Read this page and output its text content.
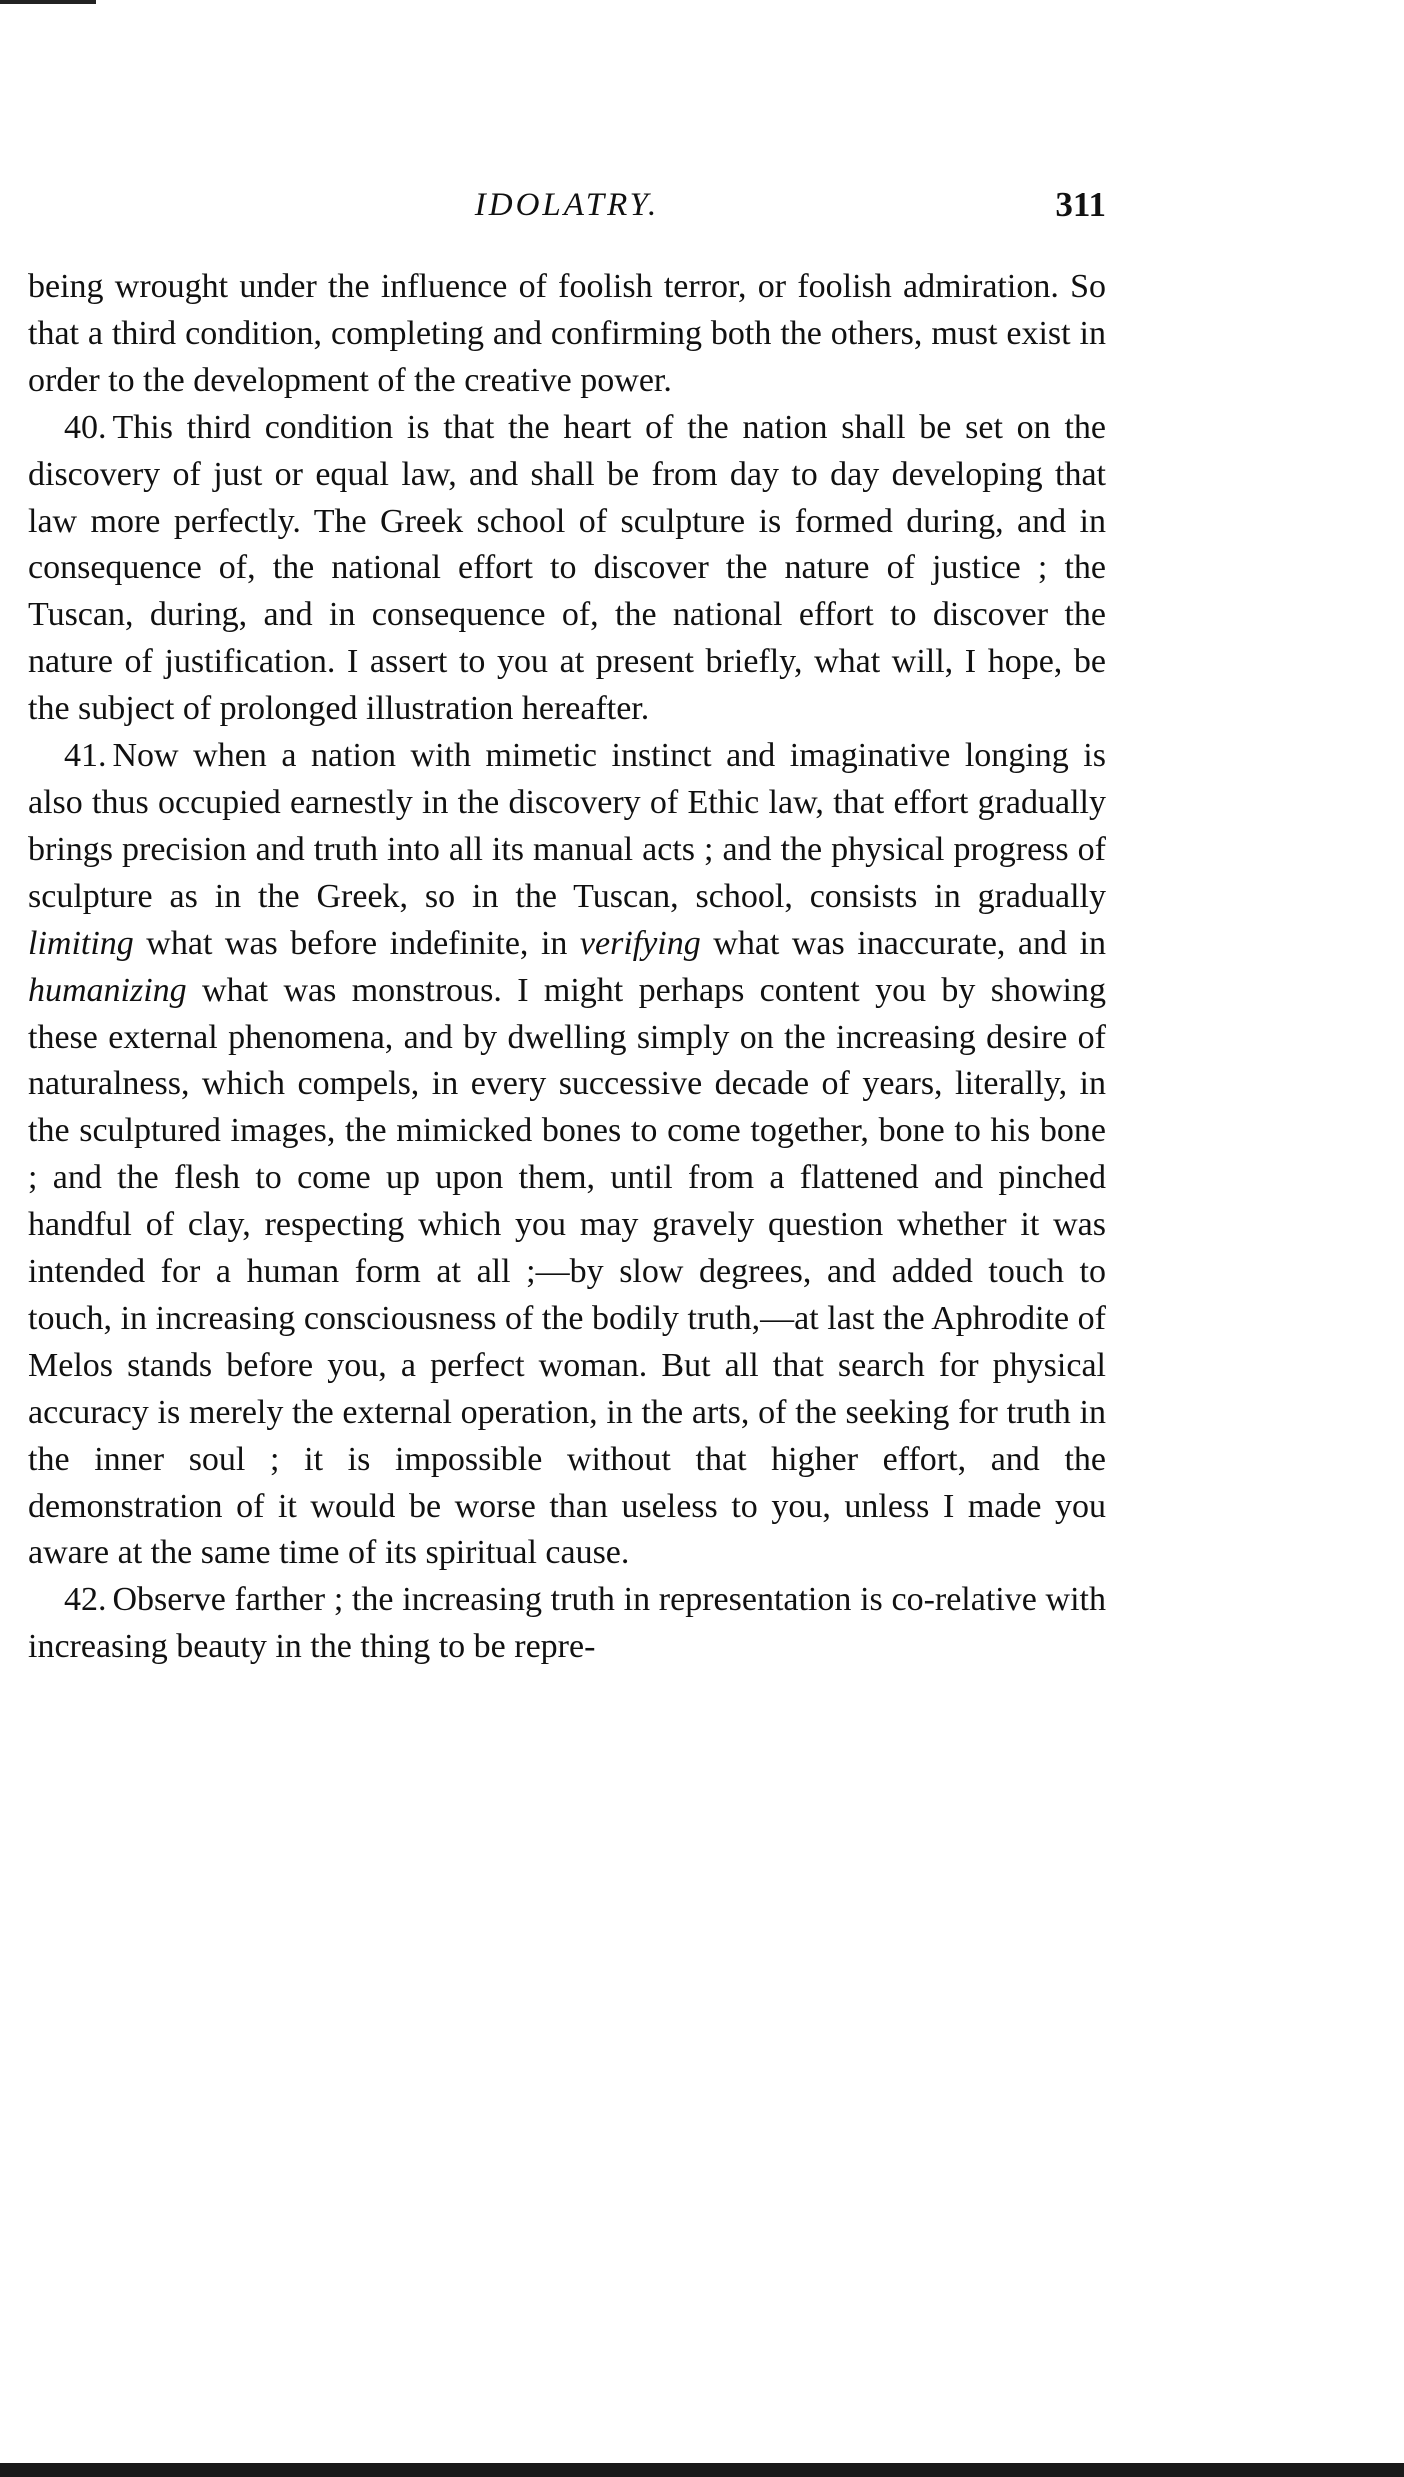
IDOLATRY.	311

being wrought under the influence of foolish terror, or foolish admiration. So that a third condition, completing and confirming both the others, must exist in order to the development of the creative power.

40. This third condition is that the heart of the nation shall be set on the discovery of just or equal law, and shall be from day to day developing that law more perfectly. The Greek school of sculpture is formed during, and in consequence of, the national effort to discover the nature of justice ; the Tuscan, during, and in consequence of, the national effort to discover the nature of justification. I assert to you at present briefly, what will, I hope, be the subject of prolonged illustration hereafter.

41. Now when a nation with mimetic instinct and imaginative longing is also thus occupied earnestly in the discovery of Ethic law, that effort gradually brings precision and truth into all its manual acts ; and the physical progress of sculpture as in the Greek, so in the Tuscan, school, consists in gradually limiting what was before indefinite, in verifying what was inaccurate, and in humanizing what was monstrous. I might perhaps content you by showing these external phenomena, and by dwelling simply on the increasing desire of naturalness, which compels, in every successive decade of years, literally, in the sculptured images, the mimicked bones to come together, bone to his bone ; and the flesh to come up upon them, until from a flattened and pinched handful of clay, respecting which you may gravely question whether it was intended for a human form at all ;—by slow degrees, and added touch to touch, in increasing consciousness of the bodily truth,—at last the Aphrodite of Melos stands before you, a perfect woman. But all that search for physical accuracy is merely the external operation, in the arts, of the seeking for truth in the inner soul ; it is impossible without that higher effort, and the demonstration of it would be worse than useless to you, unless I made you aware at the same time of its spiritual cause.

42. Observe farther ; the increasing truth in representation is co-relative with increasing beauty in the thing to be repre-
